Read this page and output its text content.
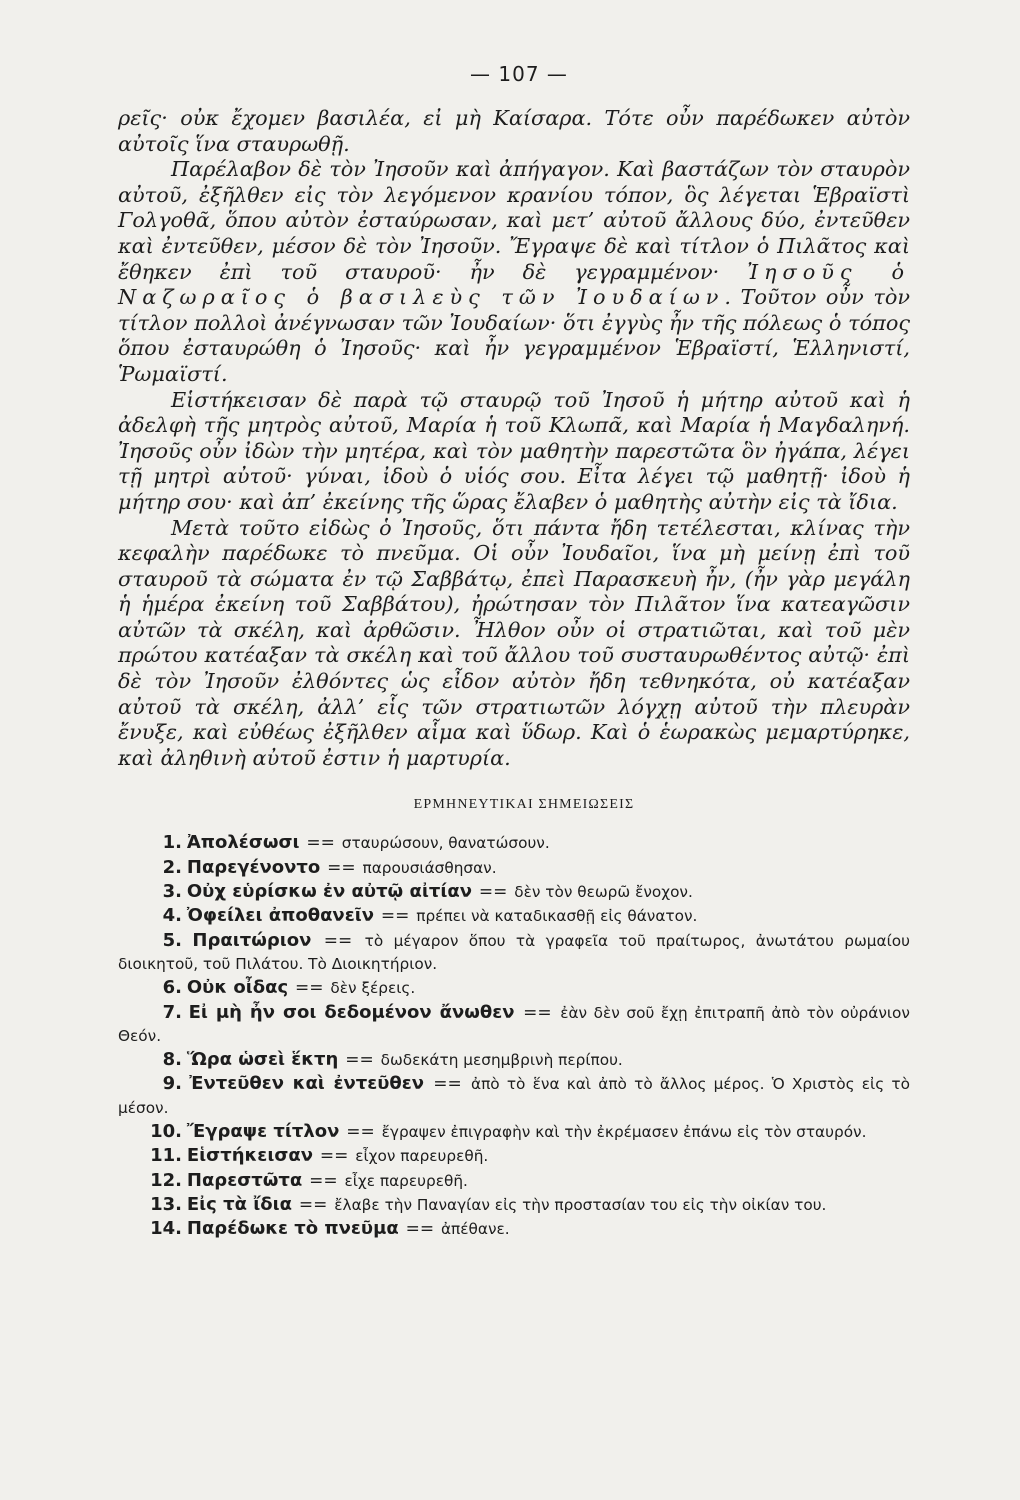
— 107 —

ρεῖς· οὐκ ἔχομεν βασιλέα, εἰ μὴ Καίσαρα. Τότε οὖν παρέδωκεν αὐτὸν αὐτοῖς ἵνα σταυρωθῇ.

Παρέλαβον δὲ τὸν Ἰησοῦν καὶ ἀπήγαγον. Καὶ βαστάζων τὸν σταυρὸν αὐτοῦ, ἐξῆλθεν εἰς τὸν λεγόμενον κρανίου τόπον, ὃς λέγεται Ἑβραϊστὶ Γολγοθᾶ, ὅπου αὐτὸν ἐσταύρωσαν, καὶ μετ’ αὐτοῦ ἄλλους δύο, ἐντεῦθεν καὶ ἐντεῦθεν, μέσον δὲ τὸν Ἰησοῦν. Ἔγραψε δὲ καὶ τίτλον ὁ Πιλᾶτος καὶ ἔθηκεν ἐπὶ τοῦ σταυροῦ· ἦν δὲ γεγραμμένον· Ἰησοῦς ὁ Ναζωραῖος ὁ βασιλεὺς τῶν Ἰουδαίων. Τοῦτον οὖν τὸν τίτλον πολλοὶ ἀνέγνωσαν τῶν Ἰουδαίων· ὅτι ἐγγὺς ἦν τῆς πόλεως ὁ τόπος ὅπου ἐσταυρώθη ὁ Ἰησοῦς· καὶ ἦν γεγραμμένον Ἑβραϊστί, Ἑλληνιστί, Ῥωμαϊστί.

Εἱστήκεισαν δὲ παρὰ τῷ σταυρῷ τοῦ Ἰησοῦ ἡ μήτηρ αὐτοῦ καὶ ἡ ἀδελφὴ τῆς μητρὸς αὐτοῦ, Μαρία ἡ τοῦ Κλωπᾶ, καὶ Μαρία ἡ Μαγδαληνή. Ἰησοῦς οὖν ἰδὼν τὴν μητέρα, καὶ τὸν μαθητὴν παρεστῶτα ὃν ἠγάπα, λέγει τῇ μητρὶ αὐτοῦ· γύναι, ἰδοὺ ὁ υἱός σου. Εἶτα λέγει τῷ μαθητῇ· ἰδοὺ ἡ μήτηρ σου· καὶ ἀπ’ ἐκείνης τῆς ὥρας ἔλαβεν ὁ μαθητὴς αὐτὴν εἰς τὰ ἴδια.

Μετὰ τοῦτο εἰδὼς ὁ Ἰησοῦς, ὅτι πάντα ἤδη τετέλεσται, κλίνας τὴν κεφαλὴν παρέδωκε τὸ πνεῦμα. Οἱ οὖν Ἰουδαῖοι, ἵνα μὴ μείνῃ ἐπὶ τοῦ σταυροῦ τὰ σώματα ἐν τῷ Σαββάτῳ, ἐπεὶ Παρασκευὴ ἦν, (ἦν γὰρ μεγάλη ἡ ἡμέρα ἐκείνη τοῦ Σαββάτου), ἠρώτησαν τὸν Πιλᾶτον ἵνα κατεαγῶσιν αὐτῶν τὰ σκέλη, καὶ ἀρθῶσιν. Ἦλθον οὖν οἱ στρατιῶται, καὶ τοῦ μὲν πρώτου κατέαξαν τὰ σκέλη καὶ τοῦ ἄλλου τοῦ συσταυρωθέντος αὐτῷ· ἐπὶ δὲ τὸν Ἰησοῦν ἐλθόντες ὡς εἶδον αὐτὸν ἤδη τεθνηκότα, οὐ κατέαξαν αὐτοῦ τὰ σκέλη, ἀλλ’ εἷς τῶν στρατιωτῶν λόγχῃ αὐτοῦ τὴν πλευρὰν ἔνυξε, καὶ εὐθέως ἐξῆλθεν αἷμα καὶ ὕδωρ. Καὶ ὁ ἑωρακὼς μεμαρτύρηκε, καὶ ἀληθινὴ αὐτοῦ ἐστιν ἡ μαρτυρία.

ΕΡΜΗΝΕΥΤΙΚΑΙ ΣΗΜΕΙΩΣΕΙΣ
1. Ἀπολέσωσι == σταυρώσουν, θανατώσουν.
2. Παρεγένοντο == παρουσιάσθησαν.
3. Οὐχ εὑρίσκω ἐν αὐτῷ αἰτίαν == δὲν τὸν θεωρῶ ἔνοχον.
4. Ὀφείλει ἀποθανεῖν == πρέπει νὰ καταδικασθῇ εἰς θάνατον.
5. Πραιτώριον == τὸ μέγαρον ὅπου τὰ γραφεῖα τοῦ πραίτωρος, ἀνωτάτου ρωμαίου διοικητοῦ, τοῦ Πιλάτου. Τὸ Διοικητήριον.
6. Οὐκ οἶδας == δὲν ξέρεις.
7. Εἰ μὴ ἦν σοι δεδομένον ἄνωθεν == ἐὰν δὲν σοῦ ἔχῃ ἐπιτραπῆ ἀπὸ τὸν οὐράνιον Θεόν.
8. Ὥρα ὡσεὶ ἕκτη == δωδεκάτη μεσημβρινὴ περίπου.
9. Ἐντεῦθεν καὶ ἐντεῦθεν == ἀπὸ τὸ ἕνα καὶ ἀπὸ τὸ ἄλλος μέρος. Ὁ Χριστὸς εἰς τὸ μέσον.
10. Ἔγραψε τίτλον == ἔγραψεν ἐπιγραφὴν καὶ τὴν ἐκρέμασεν ἐπάνω εἰς τὸν σταυρόν.
11. Εἱστήκεισαν == εἶχον παρευρεθῆ.
12. Παρεστῶτα == εἶχε παρευρεθῆ.
13. Εἰς τὰ ἴδια == ἔλαβε τὴν Παναγίαν εἰς τὴν προστασίαν του εἰς τὴν οἰκίαν του.
14. Παρέδωκε τὸ πνεῦμα == ἀπέθανε.
